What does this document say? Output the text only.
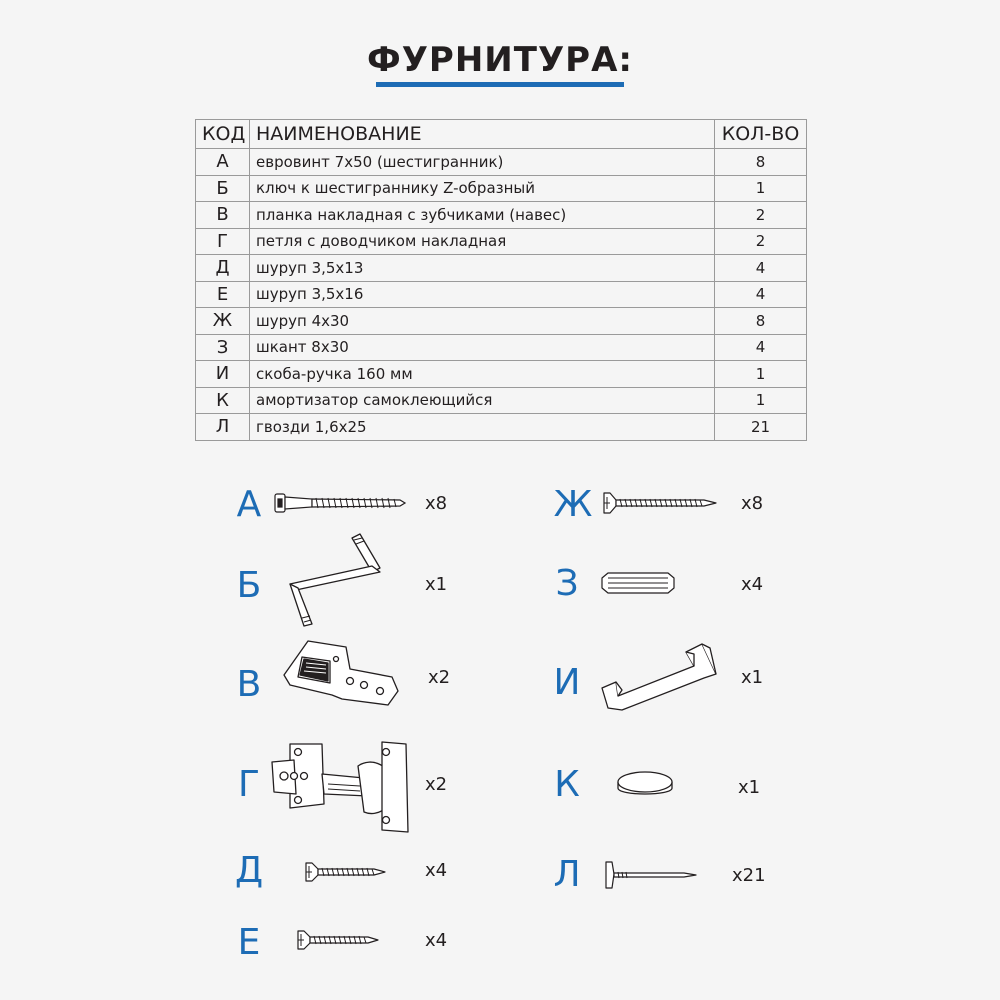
ФУРНИТУРА:
КОД	НАИМЕНОВАНИЕ	КОЛ-ВО
А	евровинт 7х50 (шестигранник)	8
Б	ключ к шестиграннику Z-образный	1
В	планка накладная с зубчиками (навес)	2
Г	петля с доводчиком накладная	2
Д	шуруп 3,5х13	4
Е	шуруп 3,5х16	4
Ж	шуруп 4х30	8
З	шкант 8х30	4
И	скоба-ручка 160 мм	1
К	амортизатор самоклеющийся	1
Л	гвозди 1,6х25	21
А	x8
Б	x1
В	x2
Г	x2
Д	x4
Е	x4
Ж	x8
З	x4
И	x1
К	x1
Л	x21
